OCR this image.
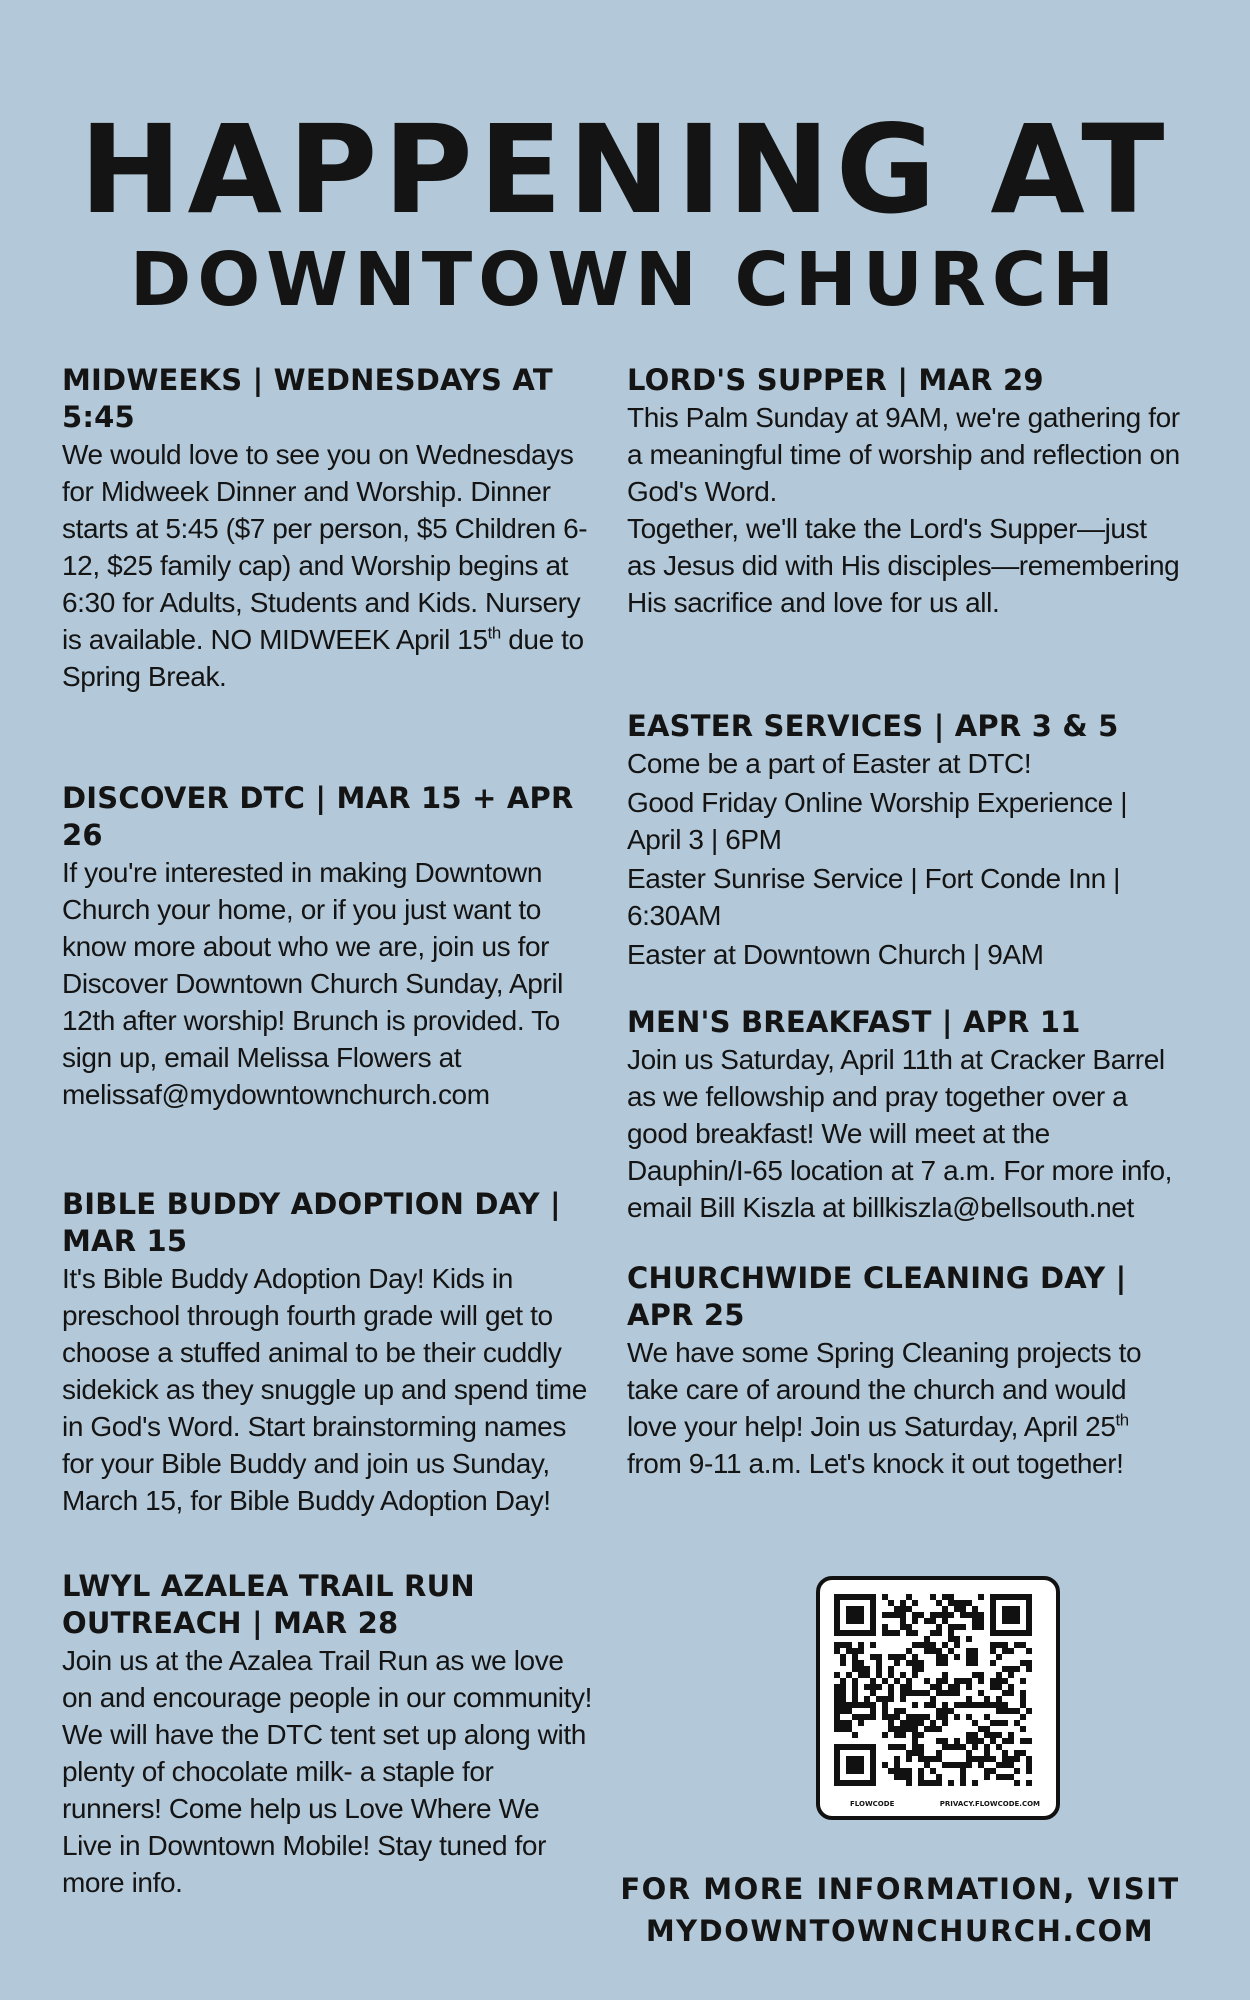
HAPPENING AT
DOWNTOWN CHURCH
MIDWEEKS | WEDNESDAYS AT 5:45
We would love to see you on Wednesdays for Midweek Dinner and Worship. Dinner starts at 5:45 ($7 per person, $5 Children 6-12, $25 family cap) and Worship begins at 6:30 for Adults, Students and Kids. Nursery is available. NO MIDWEEK April 15th due to Spring Break.
DISCOVER DTC | MAR 15 + APR 26
If you're interested in making Downtown Church your home, or if you just want to know more about who we are, join us for Discover Downtown Church Sunday, April 12th after worship! Brunch is provided. To sign up, email Melissa Flowers at melissaf@mydowntownchurch.com
BIBLE BUDDY ADOPTION DAY | MAR 15
It's Bible Buddy Adoption Day! Kids in preschool through fourth grade will get to choose a stuffed animal to be their cuddly sidekick as they snuggle up and spend time in God's Word. Start brainstorming names for your Bible Buddy and join us Sunday, March 15, for Bible Buddy Adoption Day!
LWYL AZALEA TRAIL RUN OUTREACH | MAR 28
Join us at the Azalea Trail Run as we love on and encourage people in our community! We will have the DTC tent set up along with plenty of chocolate milk- a staple for runners! Come help us Love Where We Live in Downtown Mobile! Stay tuned for more info.
LORD'S SUPPER | MAR 29

This Palm Sunday at 9AM, we're gathering for a meaningful time of worship and reflection on God's Word.

Together, we'll take the Lord's Supper—just as Jesus did with His disciples—remembering His sacrifice and love for us all.

EASTER SERVICES | APR 3 & 5

Come be a part of Easter at DTC!

Good Friday Online Worship Experience | April 3 | 6PM

Easter Sunrise Service | Fort Conde Inn | 6:30AM

Easter at Downtown Church | 9AM

MEN'S BREAKFAST | APR 11
Join us Saturday, April 11th at Cracker Barrel as we fellowship and pray together over a good breakfast! We will meet at the Dauphin/I-65 location at 7 a.m. For more info, email Bill Kiszla at billkiszla@bellsouth.net
CHURCHWIDE CLEANING DAY | APR 25
We have some Spring Cleaning projects to take care of around the church and would love your help! Join us Saturday, April 25th from 9-11 a.m. Let's knock it out together!
FLOWCODE	PRIVACY.FLOWCODE.COM
FOR MORE INFORMATION, VISIT
MYDOWNTOWNCHURCH.COM
